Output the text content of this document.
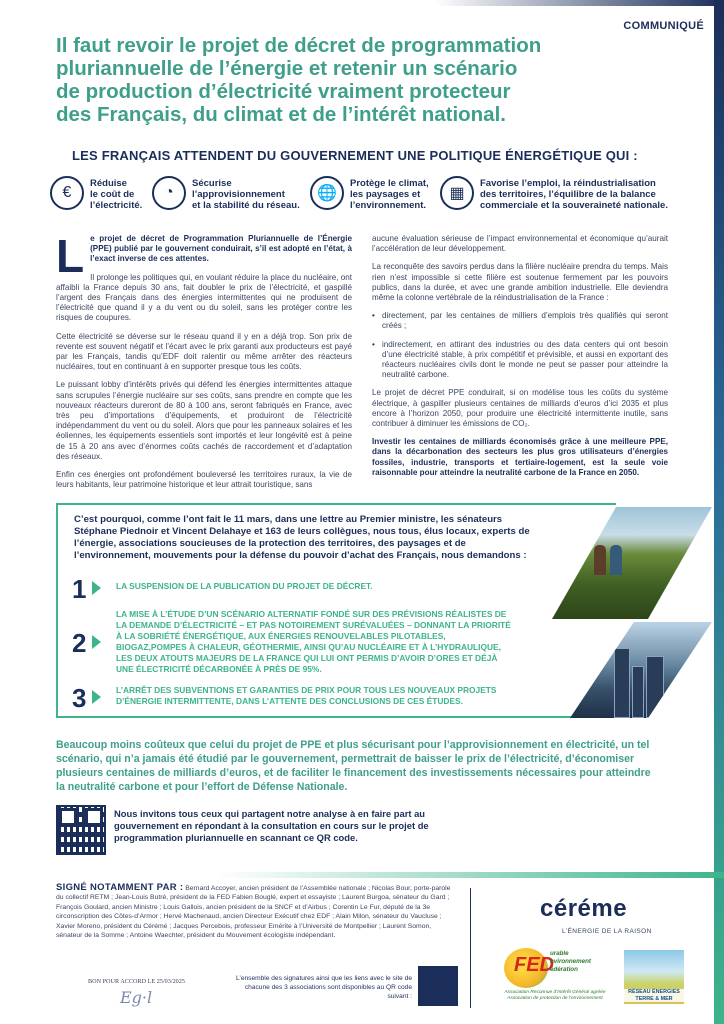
COMMUNIQUÉ
Il faut revoir le projet de décret de programmation
pluriannuelle de l’énergie et retenir un scénario
de production d’électricité vraiment protecteur
des Français, du climat et de l’intérêt national.
LES FRANÇAIS ATTENDENT DU GOUVERNEMENT UNE POLITIQUE ÉNERGÉTIQUE QUI :
€
Réduise
le coût de
l’électricité.
◔
Sécurise
l’approvisionnement
et la stabilité du réseau.
🌐
Protège le climat,
les paysages et
l’environnement.
▦
Favorise l’emploi, la réindustrialisation
des territoires, l’équilibre de la balance
commerciale et la souveraineté nationale.

L e projet de décret de Programmation Pluriannuelle de l’Énergie (PPE) publié par le gouvernent conduirait, s’il est adopté en l’état, à l’exact inverse de ces attentes.

Il prolonge les politiques qui, en voulant réduire la place du nucléaire, ont affaibli la France depuis 30 ans, fait doubler le prix de l’électricité, et gaspillé l’argent des Français dans des énergies intermittentes qui ne produisent de l’électricité que quand il y a du vent ou du soleil, sans les protéger contre les risques de coupures.

Cette électricité se déverse sur le réseau quand il y en a déjà trop. Son prix de revente est souvent négatif et l’écart avec le prix garanti aux producteurs est payé par les Français, tandis qu’EDF doit ralentir ou même arrêter des réacteurs nucléaires, tout en continuant à en supporter presque tous les coûts.

Le puissant lobby d’intérêts privés qui défend les énergies intermittentes attaque sans scrupules l’énergie nucléaire sur ses coûts, sans prendre en compte que les nouveaux réacteurs dureront de 80 à 100 ans, seront fabriqués en France, avec très peu d’importations d’équipements, et produiront de l’électricité indépendamment du vent ou du soleil. Alors que pour les panneaux solaires et les éoliennes, les équipements essentiels sont importés et leur longévité est à peine de 15 à 20 ans avec d’énormes coûts cachés de raccordement et d’adaptation des réseaux.

Enfin ces énergies ont profondément bouleversé les territoires ruraux, la vie de leurs habitants, leur patrimoine historique et leur attrait touristique, sans

aucune évaluation sérieuse de l’impact environnemental et économique qu’aurait l’accélération de leur développement.

La reconquête des savoirs perdus dans la filière nucléaire prendra du temps. Mais rien n’est impossible si cette filière est soutenue fermement par les pouvoirs publics, dans la durée, et avec une grande ambition industrielle. Elle deviendra même la colonne vertébrale de la réindustrialisation de la France :

• directement, par les centaines de milliers d’emplois très qualifiés qui seront créés ;
• indirectement, en attirant des industries ou des data centers qui ont besoin d’une électricité stable, à prix compétitif et prévisible, et aussi en exportant des réacteurs nucléaires civils dont le monde ne peut se passer pour atteindre la neutralité carbone.

Le projet de décret PPE conduirait, si on modélise tous les coûts du système électrique, à gaspiller plusieurs centaines de milliards d’euros d’ici 2035 et plus encore à l’horizon 2050, pour produire une électricité intermittente inutile, sans contribuer à diminuer les émissions de CO₂.

Investir les centaines de milliards économisés grâce à une meilleure PPE, dans la décarbonation des secteurs les plus gros utilisateurs d’énergies fossiles, industrie, transports et tertiaire-logement, est la seule voie raisonnable pour atteindre la neutralité carbone de la France en 2050.

C’est pourquoi, comme l’ont fait le 11 mars, dans une lettre au Premier ministre, les sénateurs Stéphane Piednoir et Vincent Delahaye et 163 de leurs collègues, nous tous, élus locaux, experts de l’énergie, associations soucieuses de la protection des territoires, des paysages et de l’environnement, mouvements pour la défense du pouvoir d’achat des Français, nous demandons :
1	LA SUSPENSION DE LA PUBLICATION DU PROJET DE DÉCRET.
2
LA MISE À L’ÉTUDE D’UN SCÉNARIO ALTERNATIF FONDÉ SUR DES PRÉVISIONS RÉALISTES DE LA DEMANDE D’ÉLECTRICITÉ – ET PAS NOTOIREMENT SURÉVALUÉES – DONNANT LA PRIORITÉ À LA SOBRIÉTÉ ÉNERGÉTIQUE, AUX ÉNERGIES RENOUVELABLES PILOTABLES, BIOGAZ,POMPES À CHALEUR, GÉOTHERMIE, AINSI QU’AU NUCLÉAIRE ET À L’HYDRAULIQUE, LES DEUX ATOUTS MAJEURS DE LA FRANCE QUI LUI ONT PERMIS D’AVOIR D’ORES ET DÉJÀ UNE ÉLECTRICITÉ DÉCARBONÉE À PRÈS DE 95%.
3	L’ARRÊT DES SUBVENTIONS ET GARANTIES DE PRIX POUR TOUS LES NOUVEAUX PROJETS D’ÉNERGIE INTERMITTENTE, DANS L’ATTENTE DES CONCLUSIONS DE CES ÉTUDES.
Beaucoup moins coûteux que celui du projet de PPE et plus sécurisant pour l’approvisionnement en électricité, un tel scénario, qui n’a jamais été étudié par le gouvernement, permettrait de baisser le prix de l’électricité, d’économiser plusieurs centaines de milliards d’euros, et de faciliter le financement des investissements nécessaires pour atteindre la neutralité carbone et pour l’effort de Défense Nationale.
Nous invitons tous ceux qui partagent notre analyse à en faire part au gouvernement en répondant à la consultation en cours sur le projet de programmation pluriannuelle en scannant ce QR code.
SIGNÉ NOTAMMENT PAR : Bernard Accoyer, ancien président de l’Assemblée nationale ; Nicolas Bour, porte-parole du collectif RETM ; Jean-Louis Butré, président de la FED Fabien Bouglé, expert et essayiste ; Laurent Burgoa, sénateur du Gard ; François Goulard, ancien Ministre ; Louis Gallois, ancien président de la SNCF et d’Airbus ; Corentin Le Fur, député de la 3e circonscription des Côtes-d’Armor ; Hervé Machenaud, ancien Directeur Exécutif chez EDF ; Alain Milon, sénateur du Vaucluse ; Xavier Moreno, président du Cérémé ; Jacques Percebois, professeur Emérite à l’Université de Montpellier ; Laurent Somon, sénateur de la Somme ; Antoine Waechter, président du Mouvement écologiste indépendant.
BON POUR ACCORD LE 25/03/2025
Eg·l
L’ensemble des signatures ainsi que les liens avec le site de chacune des 3 associations sont disponibles au QR code suivant :
céréme
L’ÉNERGIE DE LA RAISON
FED
urable
nvironnement
édération
Association Reconnue d’Intérêt Général agréée
Association de protection de l’environnement
RÉSEAU ÉNERGIES
TERRE & MER
